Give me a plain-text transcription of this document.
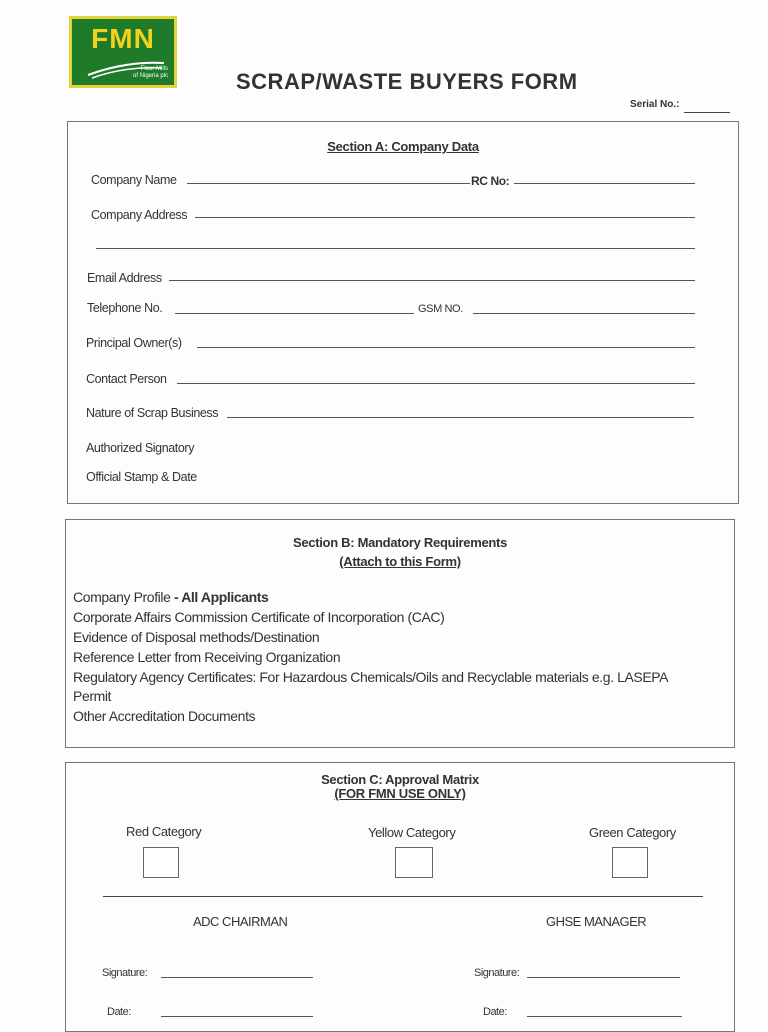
FMN
Flour Mills
of Nigeria plc	SCRAP/WASTE BUYERS FORM
Serial No.:
Section A: Company Data
Company Name	RC No:
Company Address
Email Address
Telephone No.	GSM NO.
Principal Owner(s)
Contact Person
Nature of Scrap Business
Authorized Signatory
Official Stamp & Date
Section B: Mandatory Requirements
(Attach to this Form)
Company Profile - All Applicants
Corporate Affairs Commission Certificate of Incorporation (CAC)
Evidence of Disposal methods/Destination
Reference Letter from Receiving Organization
Regulatory Agency Certificates: For Hazardous Chemicals/Oils and Recyclable materials e.g. LASEPA
Permit
Other Accreditation Documents
Section C: Approval Matrix
(FOR FMN USE ONLY)
Red Category	Yellow Category	Green Category
ADC CHAIRMAN	GHSE MANAGER
Signature:	Signature:
Date:	Date:
